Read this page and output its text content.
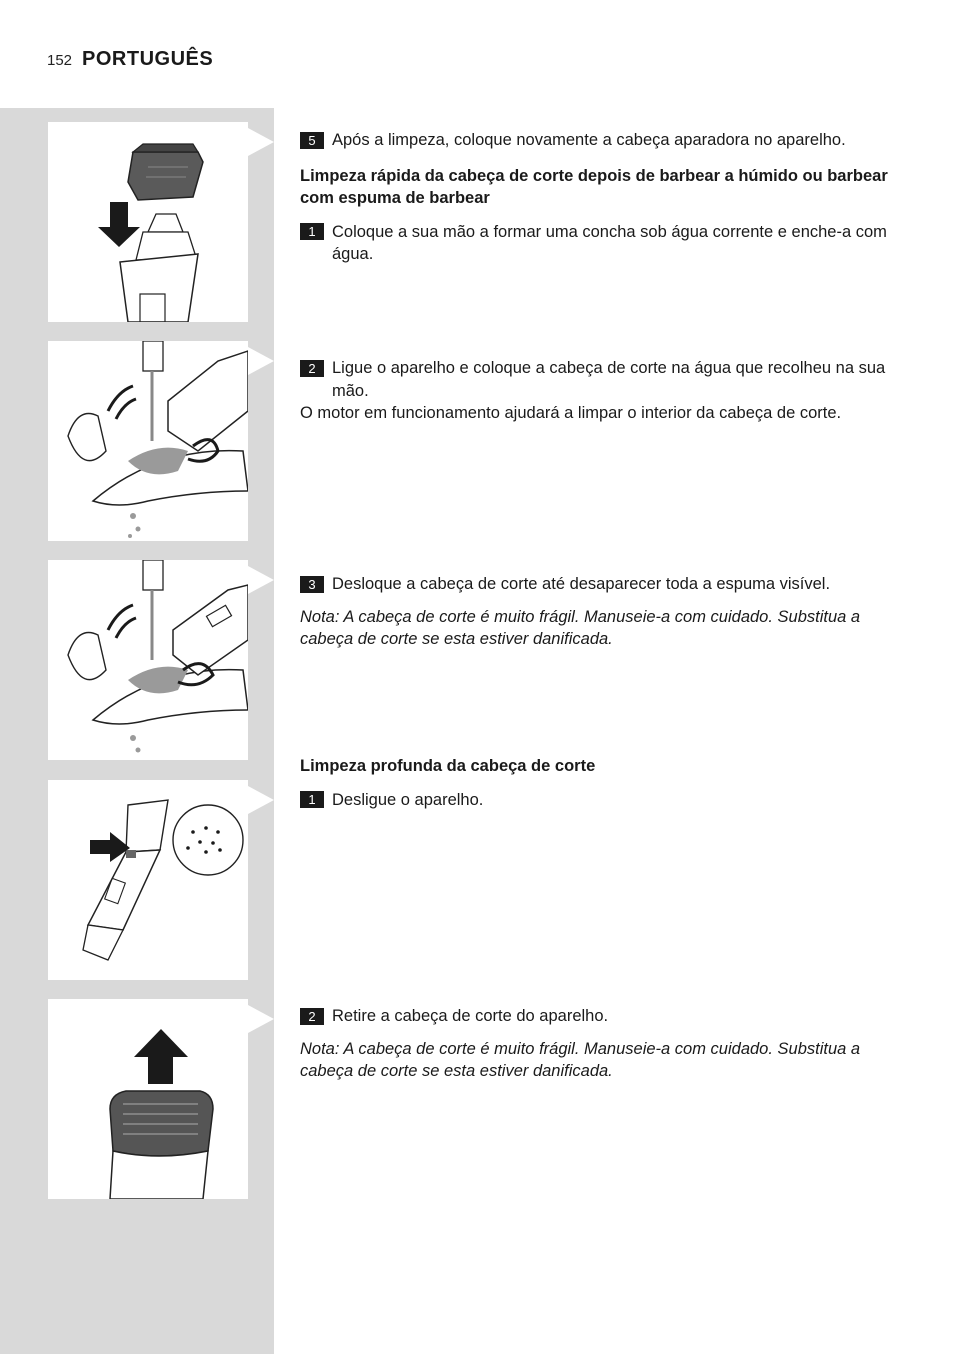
152 PORTUGUÊS
5 Após a limpeza, coloque novamente a cabeça aparadora no aparelho.

Limpeza rápida da cabeça de corte depois de barbear a húmido ou barbear com espuma de barbear

1 Coloque a sua mão a formar uma concha sob água corrente e enche-a com água.
2 Ligue o aparelho e coloque a cabeça de corte na água que recolheu na sua mão.

O motor em funcionamento ajudará a limpar o interior da cabeça de corte.

3 Desloque a cabeça de corte até desaparecer toda a espuma visível.

Nota: A cabeça de corte é muito frágil. Manuseie-a com cuidado. Substitua a cabeça de corte se esta estiver danificada.

Limpeza profunda da cabeça de corte

1 Desligue o aparelho.
2 Retire a cabeça de corte do aparelho.

Nota: A cabeça de corte é muito frágil. Manuseie-a com cuidado. Substitua a cabeça de corte se esta estiver danificada.
